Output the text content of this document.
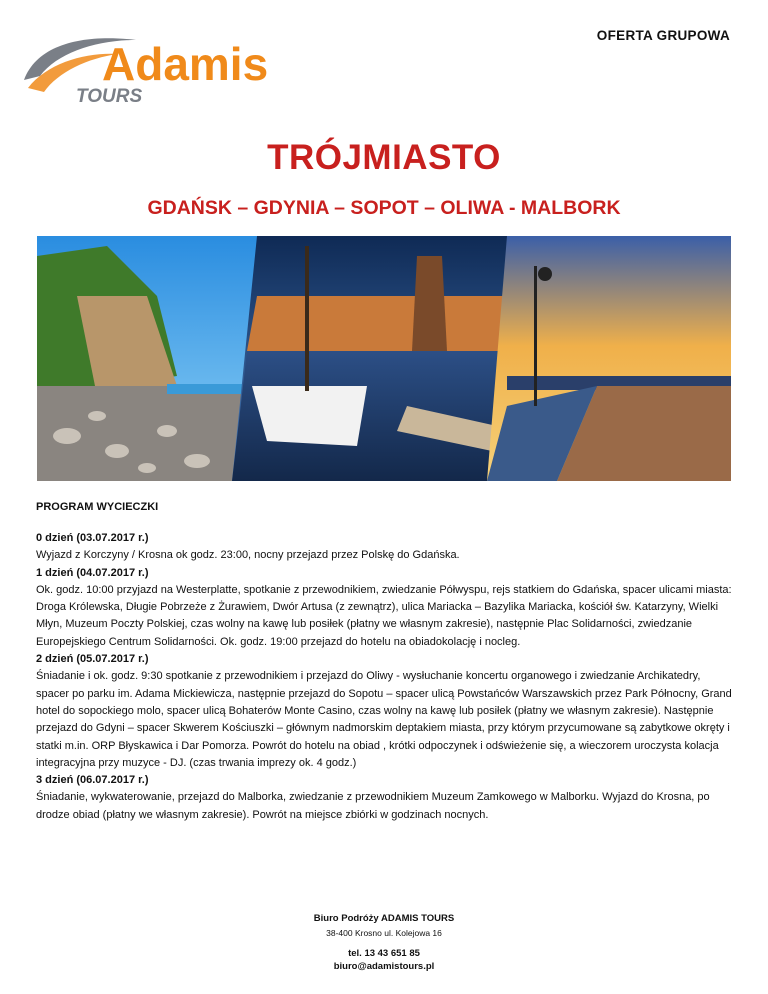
Adamis
TOURS
OFERTA GRUPOWA
TRÓJMIASTO
GDAŃSK – GDYNIA – SOPOT – OLIWA - MALBORK
PROGRAM WYCIECZKI
0 dzień (03.07.2017 r.)
Wyjazd z Korczyny / Krosna ok godz. 23:00, nocny przejazd przez Polskę do Gdańska.
1 dzień (04.07.2017 r.)
Ok. godz. 10:00 przyjazd na Westerplatte, spotkanie z przewodnikiem, zwiedzanie Półwyspu, rejs statkiem do Gdańska, spacer ulicami miasta: Droga Królewska, Długie Pobrzeże z Żurawiem, Dwór Artusa (z zewnątrz), ulica Mariacka – Bazylika Mariacka, kościół św. Katarzyny, Wielki Młyn, Muzeum Poczty Polskiej, czas wolny na kawę lub posiłek (płatny we własnym zakresie), następnie Plac Solidarności, zwiedzanie Europejskiego Centrum Solidarności. Ok. godz. 19:00 przejazd do hotelu na obiadokolację i nocleg.
2 dzień (05.07.2017 r.)
Śniadanie i ok. godz. 9:30 spotkanie z przewodnikiem i przejazd do Oliwy - wysłuchanie koncertu organowego i zwiedzanie Archikatedry, spacer po parku im. Adama Mickiewicza, następnie przejazd do Sopotu – spacer ulicą Powstańców Warszawskich przez Park Północny, Grand hotel do sopockiego molo, spacer ulicą Bohaterów Monte Casino, czas wolny na kawę lub posiłek (płatny we własnym zakresie). Następnie przejazd do Gdyni – spacer Skwerem Kościuszki – głównym nadmorskim deptakiem miasta, przy którym przycumowane są zabytkowe okręty i statki m.in. ORP Błyskawica i Dar Pomorza. Powrót do hotelu na obiad , krótki odpoczynek i odświeżenie się, a wieczorem uroczysta kolacja integracyjna przy muzyce - DJ. (czas trwania imprezy ok. 4 godz.)
3 dzień (06.07.2017 r.)
Śniadanie, wykwaterowanie, przejazd do Malborka, zwiedzanie z przewodnikiem Muzeum Zamkowego w Malborku. Wyjazd do Krosna, po drodze obiad (płatny we własnym zakresie). Powrót na miejsce zbiórki w godzinach nocnych.
Biuro Podróży ADAMIS TOURS
38-400 Krosno ul. Kolejowa 16
tel. 13 43 651 85
biuro@adamistours.pl
